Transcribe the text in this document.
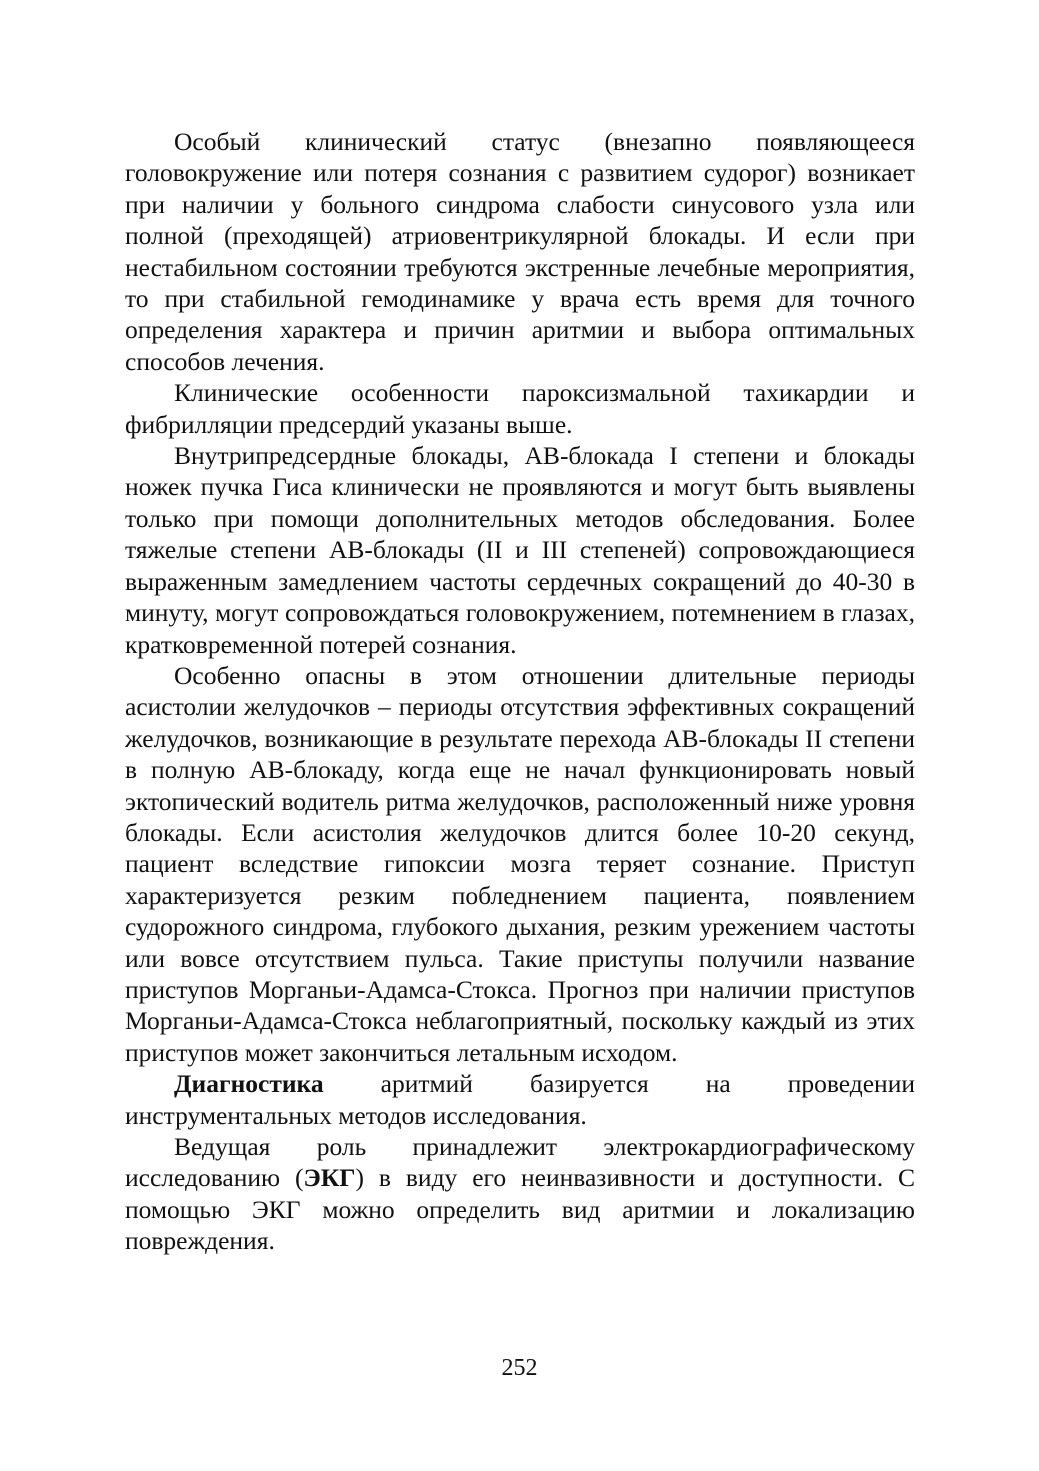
Особый клинический статус (внезапно появляющееся головокружение или потеря сознания с развитием судорог) возникает при наличии у больного синдрома слабости синусового узла или полной (преходящей) атриовентрикулярной блокады. И если при нестабильном состоянии требуются экстренные лечебные мероприятия, то при стабильной гемодинамике у врача есть время для точного определения характера и причин аритмии и выбора оптимальных способов лечения.

Клинические особенности пароксизмальной тахикардии и фибрилляции предсердий указаны выше.

Внутрипредсердные блокады, АВ-блокада I степени и блокады ножек пучка Гиса клинически не проявляются и могут быть выявлены только при помощи дополнительных методов обследования. Более тяжелые степени АВ-блокады (II и III степеней) сопровождающиеся выраженным замедлением частоты сердечных сокращений до 40-30 в минуту, могут сопровождаться головокружением, потемнением в глазах, кратковременной потерей сознания.

Особенно опасны в этом отношении длительные периоды асистолии желудочков – периоды отсутствия эффективных сокращений желудочков, возникающие в результате перехода АВ-блокады II степени в полную АВ-блокаду, когда еще не начал функционировать новый эктопический водитель ритма желудочков, расположенный ниже уровня блокады. Если асистолия желудочков длится более 10-20 секунд, пациент вследствие гипоксии мозга теряет сознание. Приступ характеризуется резким побледнением пациента, появлением судорожного синдрома, глубокого дыхания, резким урежением частоты или вовсе отсутствием пульса. Такие приступы получили название приступов Морганьи-Адамса-Стокса. Прогноз при наличии приступов Морганьи-Адамса-Стокса неблагоприятный, поскольку каждый из этих приступов может закончиться летальным исходом.

Диагностика аритмий базируется на проведении инструментальных методов исследования.

Ведущая роль принадлежит электрокардиографическому исследованию (ЭКГ) в виду его неинвазивности и доступности. С помощью ЭКГ можно определить вид аритмии и локализацию повреждения.

252
